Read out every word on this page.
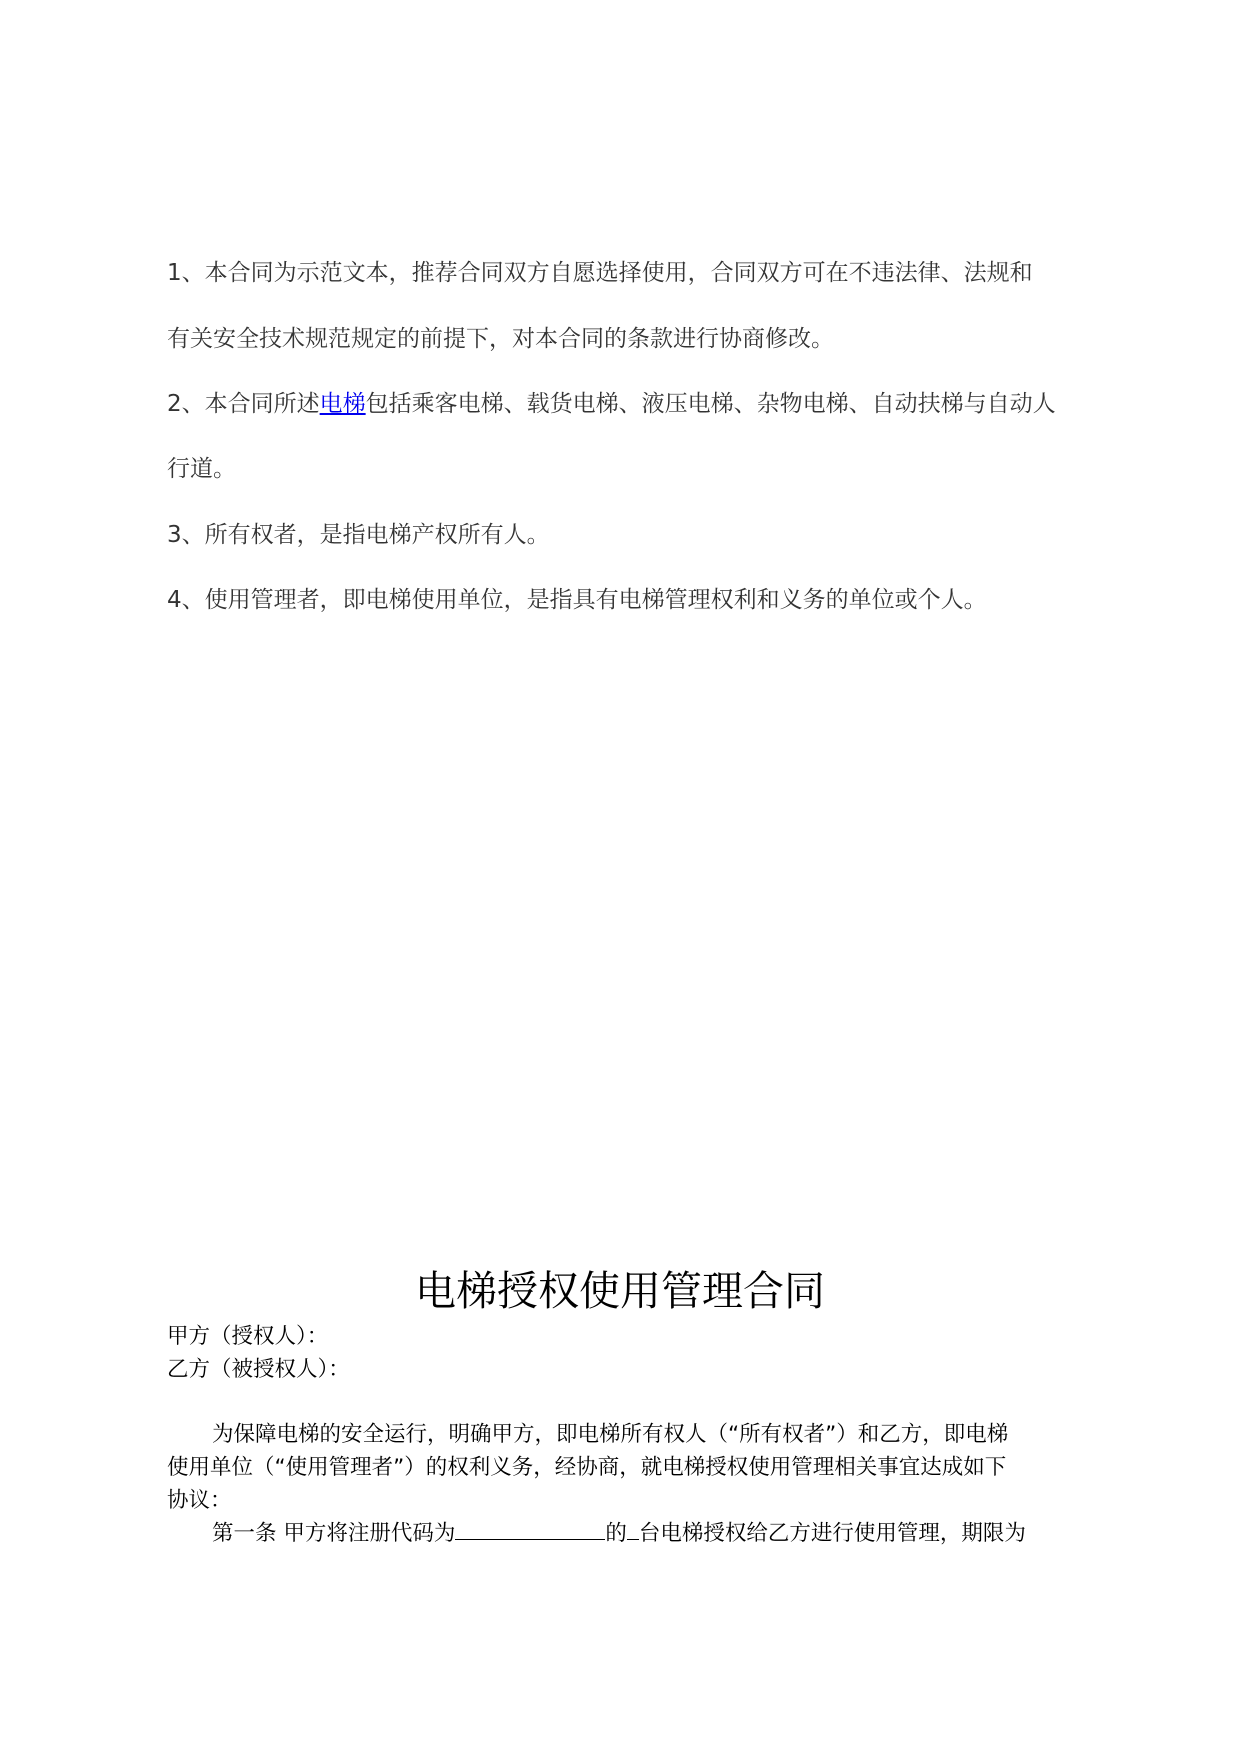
1、本合同为示范文本，推荐合同双方自愿选择使用，合同双方可在不违法律、法规和
有关安全技术规范规定的前提下，对本合同的条款进行协商修改。
2、本合同所述电梯包括乘客电梯、载货电梯、液压电梯、杂物电梯、自动扶梯与自动人
行道。
3、所有权者，是指电梯产权所有人。
4、使用管理者，即电梯使用单位，是指具有电梯管理权利和义务的单位或个人。
电梯授权使用管理合同
甲方（授权人）：
乙方（被授权人）：
为保障电梯的安全运行，明确甲方，即电梯所有权人（“所有权者”）和乙方，即电梯
使用单位（“使用管理者”）的权利义务，经协商，就电梯授权使用管理相关事宜达成如下
协议：
第一条 甲方将注册代码为	的 台电梯授权给乙方进行使用管理，期限为
